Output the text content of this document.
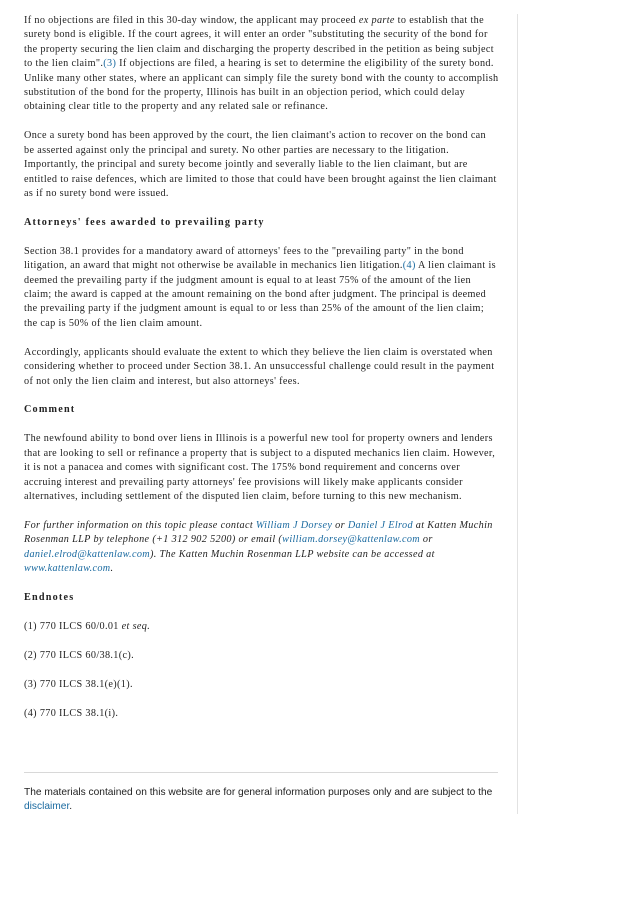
If no objections are filed in this 30-day window, the applicant may proceed ex parte to establish that the surety bond is eligible. If the court agrees, it will enter an order "substituting the security of the bond for the property securing the lien claim and discharging the property described in the petition as being subject to the lien claim".(3) If objections are filed, a hearing is set to determine the eligibility of the surety bond. Unlike many other states, where an applicant can simply file the surety bond with the county to accomplish substitution of the bond for the property, Illinois has built in an objection period, which could delay obtaining clear title to the property and any related sale or refinance.

Once a surety bond has been approved by the court, the lien claimant's action to recover on the bond can be asserted against only the principal and surety. No other parties are necessary to the litigation. Importantly, the principal and surety become jointly and severally liable to the lien claimant, but are entitled to raise defences, which are limited to those that could have been brought against the lien claimant as if no surety bond were issued.

Attorneys' fees awarded to prevailing party

Section 38.1 provides for a mandatory award of attorneys' fees to the "prevailing party" in the bond litigation, an award that might not otherwise be available in mechanics lien litigation.(4) A lien claimant is deemed the prevailing party if the judgment amount is equal to at least 75% of the amount of the lien claim; the award is capped at the amount remaining on the bond after judgment. The principal is deemed the prevailing party if the judgment amount is equal to or less than 25% of the amount of the lien claim; the cap is 50% of the lien claim amount.

Accordingly, applicants should evaluate the extent to which they believe the lien claim is overstated when considering whether to proceed under Section 38.1. An unsuccessful challenge could result in the payment of not only the lien claim and interest, but also attorneys' fees.

Comment

The newfound ability to bond over liens in Illinois is a powerful new tool for property owners and lenders that are looking to sell or refinance a property that is subject to a disputed mechanics lien claim. However, it is not a panacea and comes with significant cost. The 175% bond requirement and concerns over accruing interest and prevailing party attorneys' fee provisions will likely make applicants consider alternatives, including settlement of the disputed lien claim, before turning to this new mechanism.

For further information on this topic please contact William J Dorsey or Daniel J Elrod at Katten Muchin Rosenman LLP by telephone (+1 312 902 5200) or email (william.dorsey@kattenlaw.com or daniel.elrod@kattenlaw.com). The Katten Muchin Rosenman LLP website can be accessed at www.kattenlaw.com.

Endnotes

(1) 770 ILCS 60/0.01 et seq.

(2) 770 ILCS 60/38.1(c).

(3) 770 ILCS 38.1(e)(1).

(4) 770 ILCS 38.1(i).

The materials contained on this website are for general information purposes only and are subject to the disclaimer.
